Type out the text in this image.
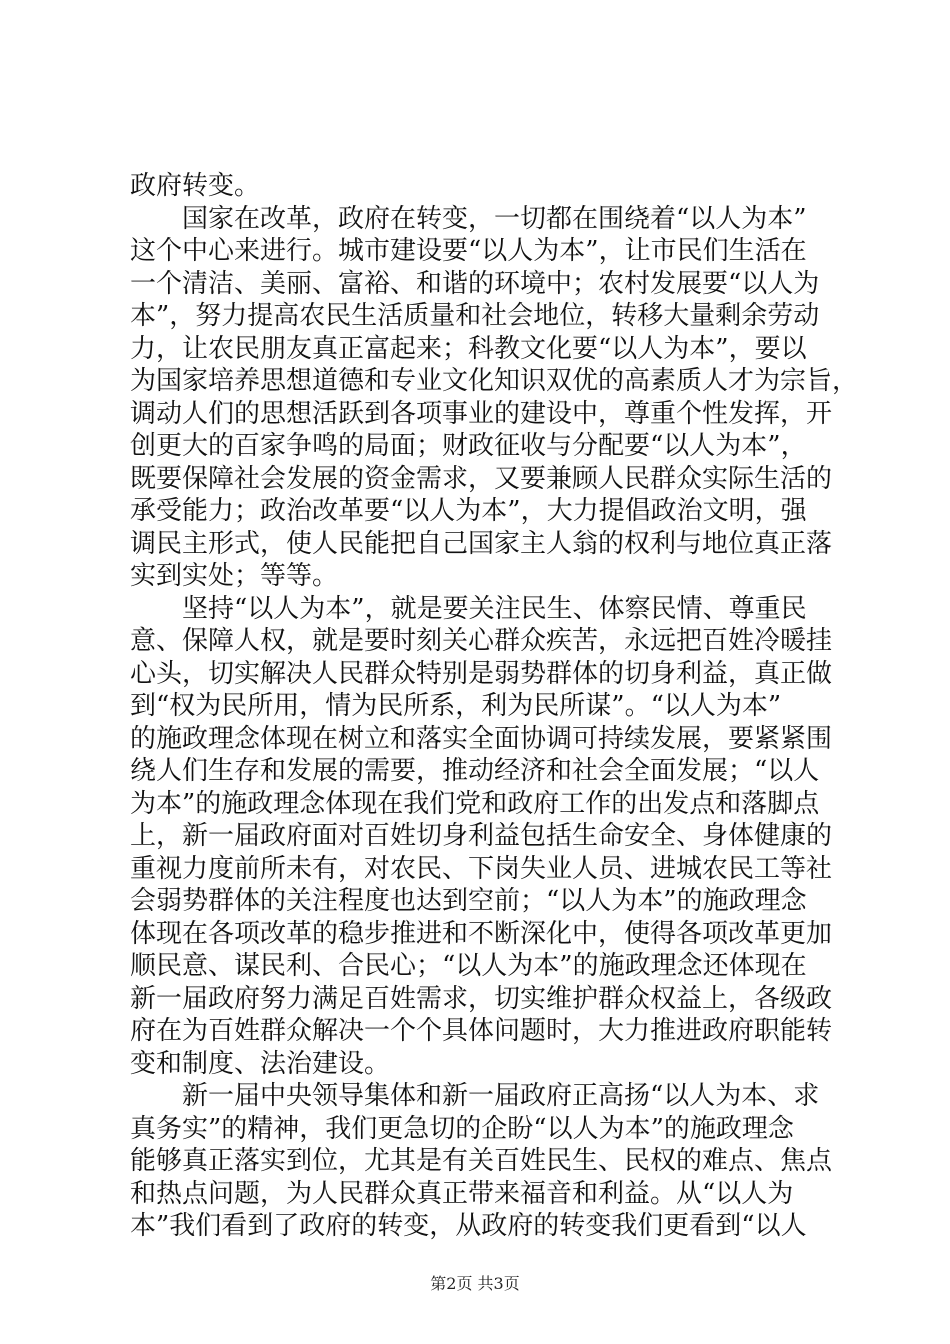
政府转变。
国家在改革，政府在转变，一切都在围绕着“以人为本”
这个中心来进行。城市建设要“以人为本”，让市民们生活在
一个清洁、美丽、富裕、和谐的环境中；农村发展要“以人为
本”，努力提高农民生活质量和社会地位，转移大量剩余劳动
力，让农民朋友真正富起来；科教文化要“以人为本”，要以
为国家培养思想道德和专业文化知识双优的高素质人才为宗旨，
调动人们的思想活跃到各项事业的建设中，尊重个性发挥，开
创更大的百家争鸣的局面；财政征收与分配要“以人为本”，
既要保障社会发展的资金需求，又要兼顾人民群众实际生活的
承受能力；政治改革要“以人为本”，大力提倡政治文明，强
调民主形式，使人民能把自己国家主人翁的权利与地位真正落
实到实处；等等。
坚持“以人为本”，就是要关注民生、体察民情、尊重民
意、保障人权，就是要时刻关心群众疾苦，永远把百姓冷暖挂
心头，切实解决人民群众特别是弱势群体的切身利益，真正做
到“权为民所用，情为民所系，利为民所谋”。“以人为本”
的施政理念体现在树立和落实全面协调可持续发展，要紧紧围
绕人们生存和发展的需要，推动经济和社会全面发展；“以人
为本”的施政理念体现在我们党和政府工作的出发点和落脚点
上，新一届政府面对百姓切身利益包括生命安全、身体健康的
重视力度前所未有，对农民、下岗失业人员、进城农民工等社
会弱势群体的关注程度也达到空前；“以人为本”的施政理念
体现在各项改革的稳步推进和不断深化中，使得各项改革更加
顺民意、谋民利、合民心；“以人为本”的施政理念还体现在
新一届政府努力满足百姓需求，切实维护群众权益上，各级政
府在为百姓群众解决一个个具体问题时，大力推进政府职能转
变和制度、法治建设。
新一届中央领导集体和新一届政府正高扬“以人为本、求
真务实”的精神，我们更急切的企盼“以人为本”的施政理念
能够真正落实到位，尤其是有关百姓民生、民权的难点、焦点
和热点问题，为人民群众真正带来福音和利益。从“以人为
本”我们看到了政府的转变，从政府的转变我们更看到“以人
第2页 共3页
